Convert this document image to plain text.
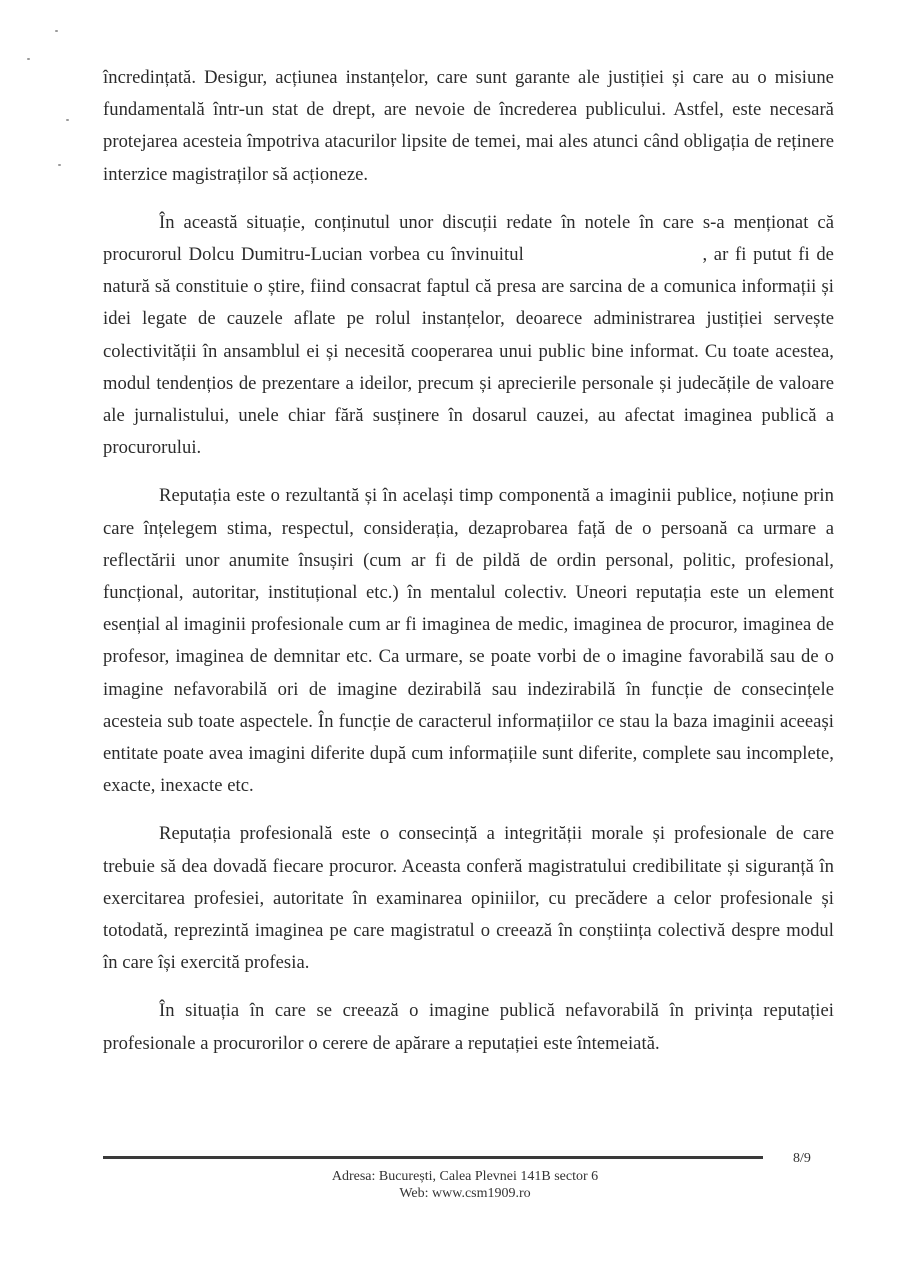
încredințată. Desigur, acțiunea instanțelor, care sunt garante ale justiției și care au o misiune fundamentală într-un stat de drept, are nevoie de încrederea publicului. Astfel, este necesară protejarea acesteia împotriva atacurilor lipsite de temei, mai ales atunci când obligația de reținere interzice magistraților să acționeze.

În această situație, conținutul unor discuții redate în notele în care s-a menționat că procurorul Dolcu Dumitru-Lucian vorbea cu învinuitul	, ar fi putut fi de natură să constituie o știre, fiind consacrat faptul că presa are sarcina de a comunica informații și idei legate de cauzele aflate pe rolul instanțelor, deoarece administrarea justiției servește colectivității în ansamblul ei și necesită cooperarea unui public bine informat. Cu toate acestea, modul tendențios de prezentare a ideilor, precum și aprecierile personale și judecățile de valoare ale jurnalistului, unele chiar fără susținere în dosarul cauzei, au afectat imaginea publică a procurorului.

Reputația este o rezultantă și în același timp componentă a imaginii publice, noțiune prin care înțelegem stima, respectul, considerația, dezaprobarea față de o persoană ca urmare a reflectării unor anumite însușiri (cum ar fi de pildă de ordin personal, politic, profesional, funcțional, autoritar, instituțional etc.) în mentalul colectiv. Uneori reputația este un element esențial al imaginii profesionale cum ar fi imaginea de medic, imaginea de procuror, imaginea de profesor, imaginea de demnitar etc. Ca urmare, se poate vorbi de o imagine favorabilă sau de o imagine nefavorabilă ori de imagine dezirabilă sau indezirabilă în funcție de consecințele acesteia sub toate aspectele. În funcție de caracterul informațiilor ce stau la baza imaginii aceeași entitate poate avea imagini diferite după cum informațiile sunt diferite, complete sau incomplete, exacte, inexacte etc.

Reputația profesională este o consecință a integrității morale și profesionale de care trebuie să dea dovadă fiecare procuror. Aceasta conferă magistratului credibilitate și siguranță în exercitarea profesiei, autoritate în examinarea opiniilor, cu precădere a celor profesionale și totodată, reprezintă imaginea pe care magistratul o creează în conștiința colectivă despre modul în care își exercită profesia.

În situația în care se creează o imagine publică nefavorabilă în privința reputației profesionale a procurorilor o cerere de apărare a reputației este întemeiată.

8/9
Adresa: București, Calea Plevnei 141B sector 6
Web: www.csm1909.ro
